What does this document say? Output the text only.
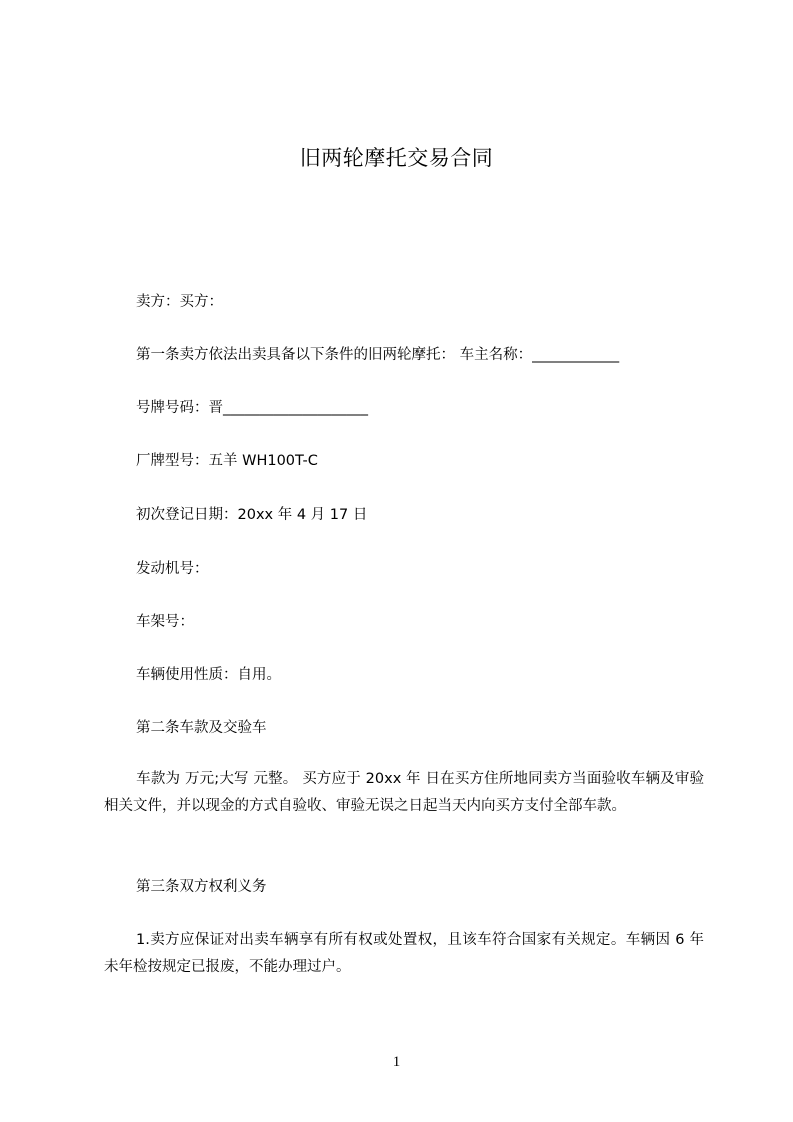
旧两轮摩托交易合同
卖方：买方：
第一条卖方依法出卖具备以下条件的旧两轮摩托： 车主名称：____________
号牌号码：晋____________________
厂牌型号：五羊 WH100T-C
初次登记日期：20xx 年 4 月 17 日
发动机号：
车架号：
车辆使用性质：自用。
第二条车款及交验车
车款为 万元;大写 元整。 买方应于 20xx 年 日在买方住所地同卖方当面验收车辆及审验相关文件，并以现金的方式自验收、审验无误之日起当天内向买方支付全部车款。
第三条双方权利义务
1.卖方应保证对出卖车辆享有所有权或处置权，且该车符合国家有关规定。车辆因 6 年未年检按规定已报废，不能办理过户。
1
